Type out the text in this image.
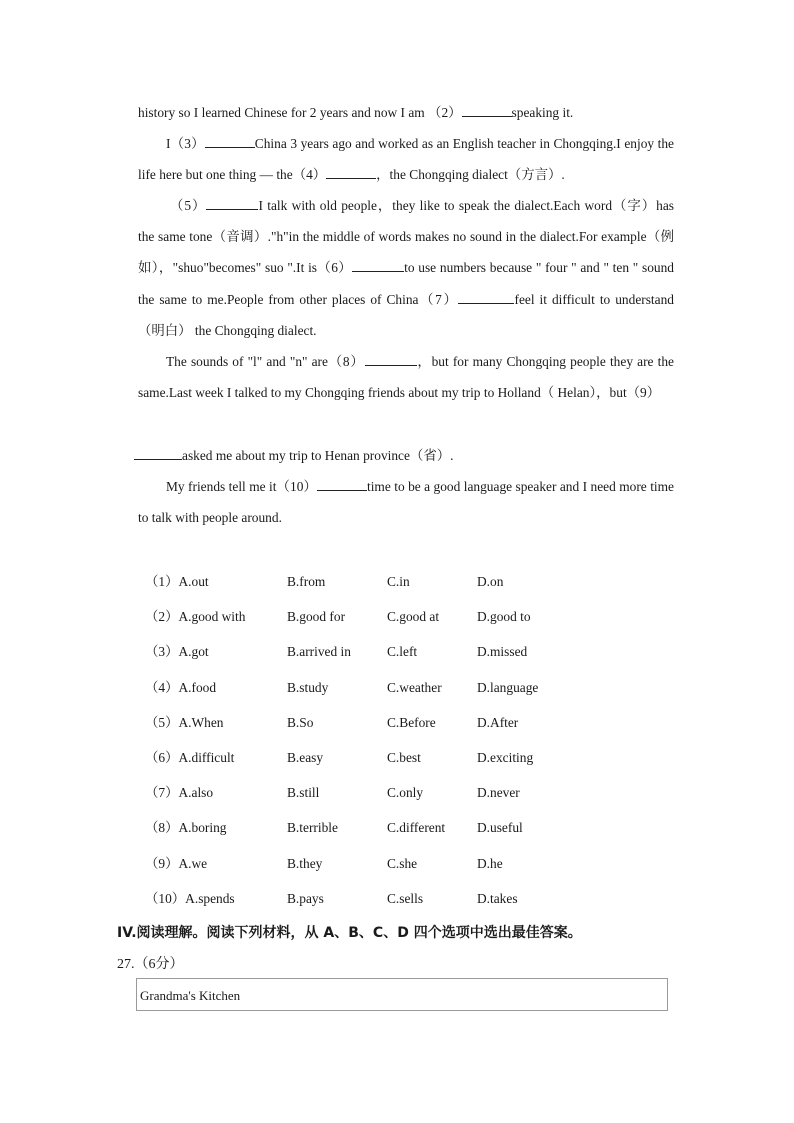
history so I learned Chinese for 2 years and now I am （2）	speaking it.

I（3）	China 3 years ago and worked as an English teacher in Chongqing.I enjoy the life here but one thing — the（4）	，the Chongqing dialect（方言）.

（5）	I talk with old people，they like to speak the dialect.Each word（字）has the same tone（音调）."h"in the middle of words makes no sound in the dialect.For example（例如），"shuo"becomes" suo ".It is（6）	to use numbers because " four " and " ten " sound the same to me.People from other places of China（7）	feel it difficult to understand（明白） the Chongqing dialect.

The sounds of "l" and "n" are（8）	，but for many Chongqing people they are the same.Last week I talked to my Chongqing friends about my trip to Holland（ Helan），but（9）

asked me about my trip to Henan province（省）.

My friends tell me it（10）	time to be a good language speaker and I need more time to talk with people around.

（1）A.out	B.from	C.in	D.on
（2）A.good with	B.good for	C.good at	D.good to
（3）A.got	B.arrived in	C.left	D.missed
（4）A.food	B.study	C.weather	D.language
（5）A.When	B.So	C.Before	D.After
（6）A.difficult	B.easy	C.best	D.exciting
（7）A.also	B.still	C.only	D.never
（8）A.boring	B.terrible	C.different D.useful
（9）A.we	B.they	C.she	D.he
（10）A.spends	B.pays	C.sells	D.takes
IV.阅读理解。阅读下列材料，从 A、B、C、D 四个选项中选出最佳答案。
27.（6分）
Grandma's Kitchen
